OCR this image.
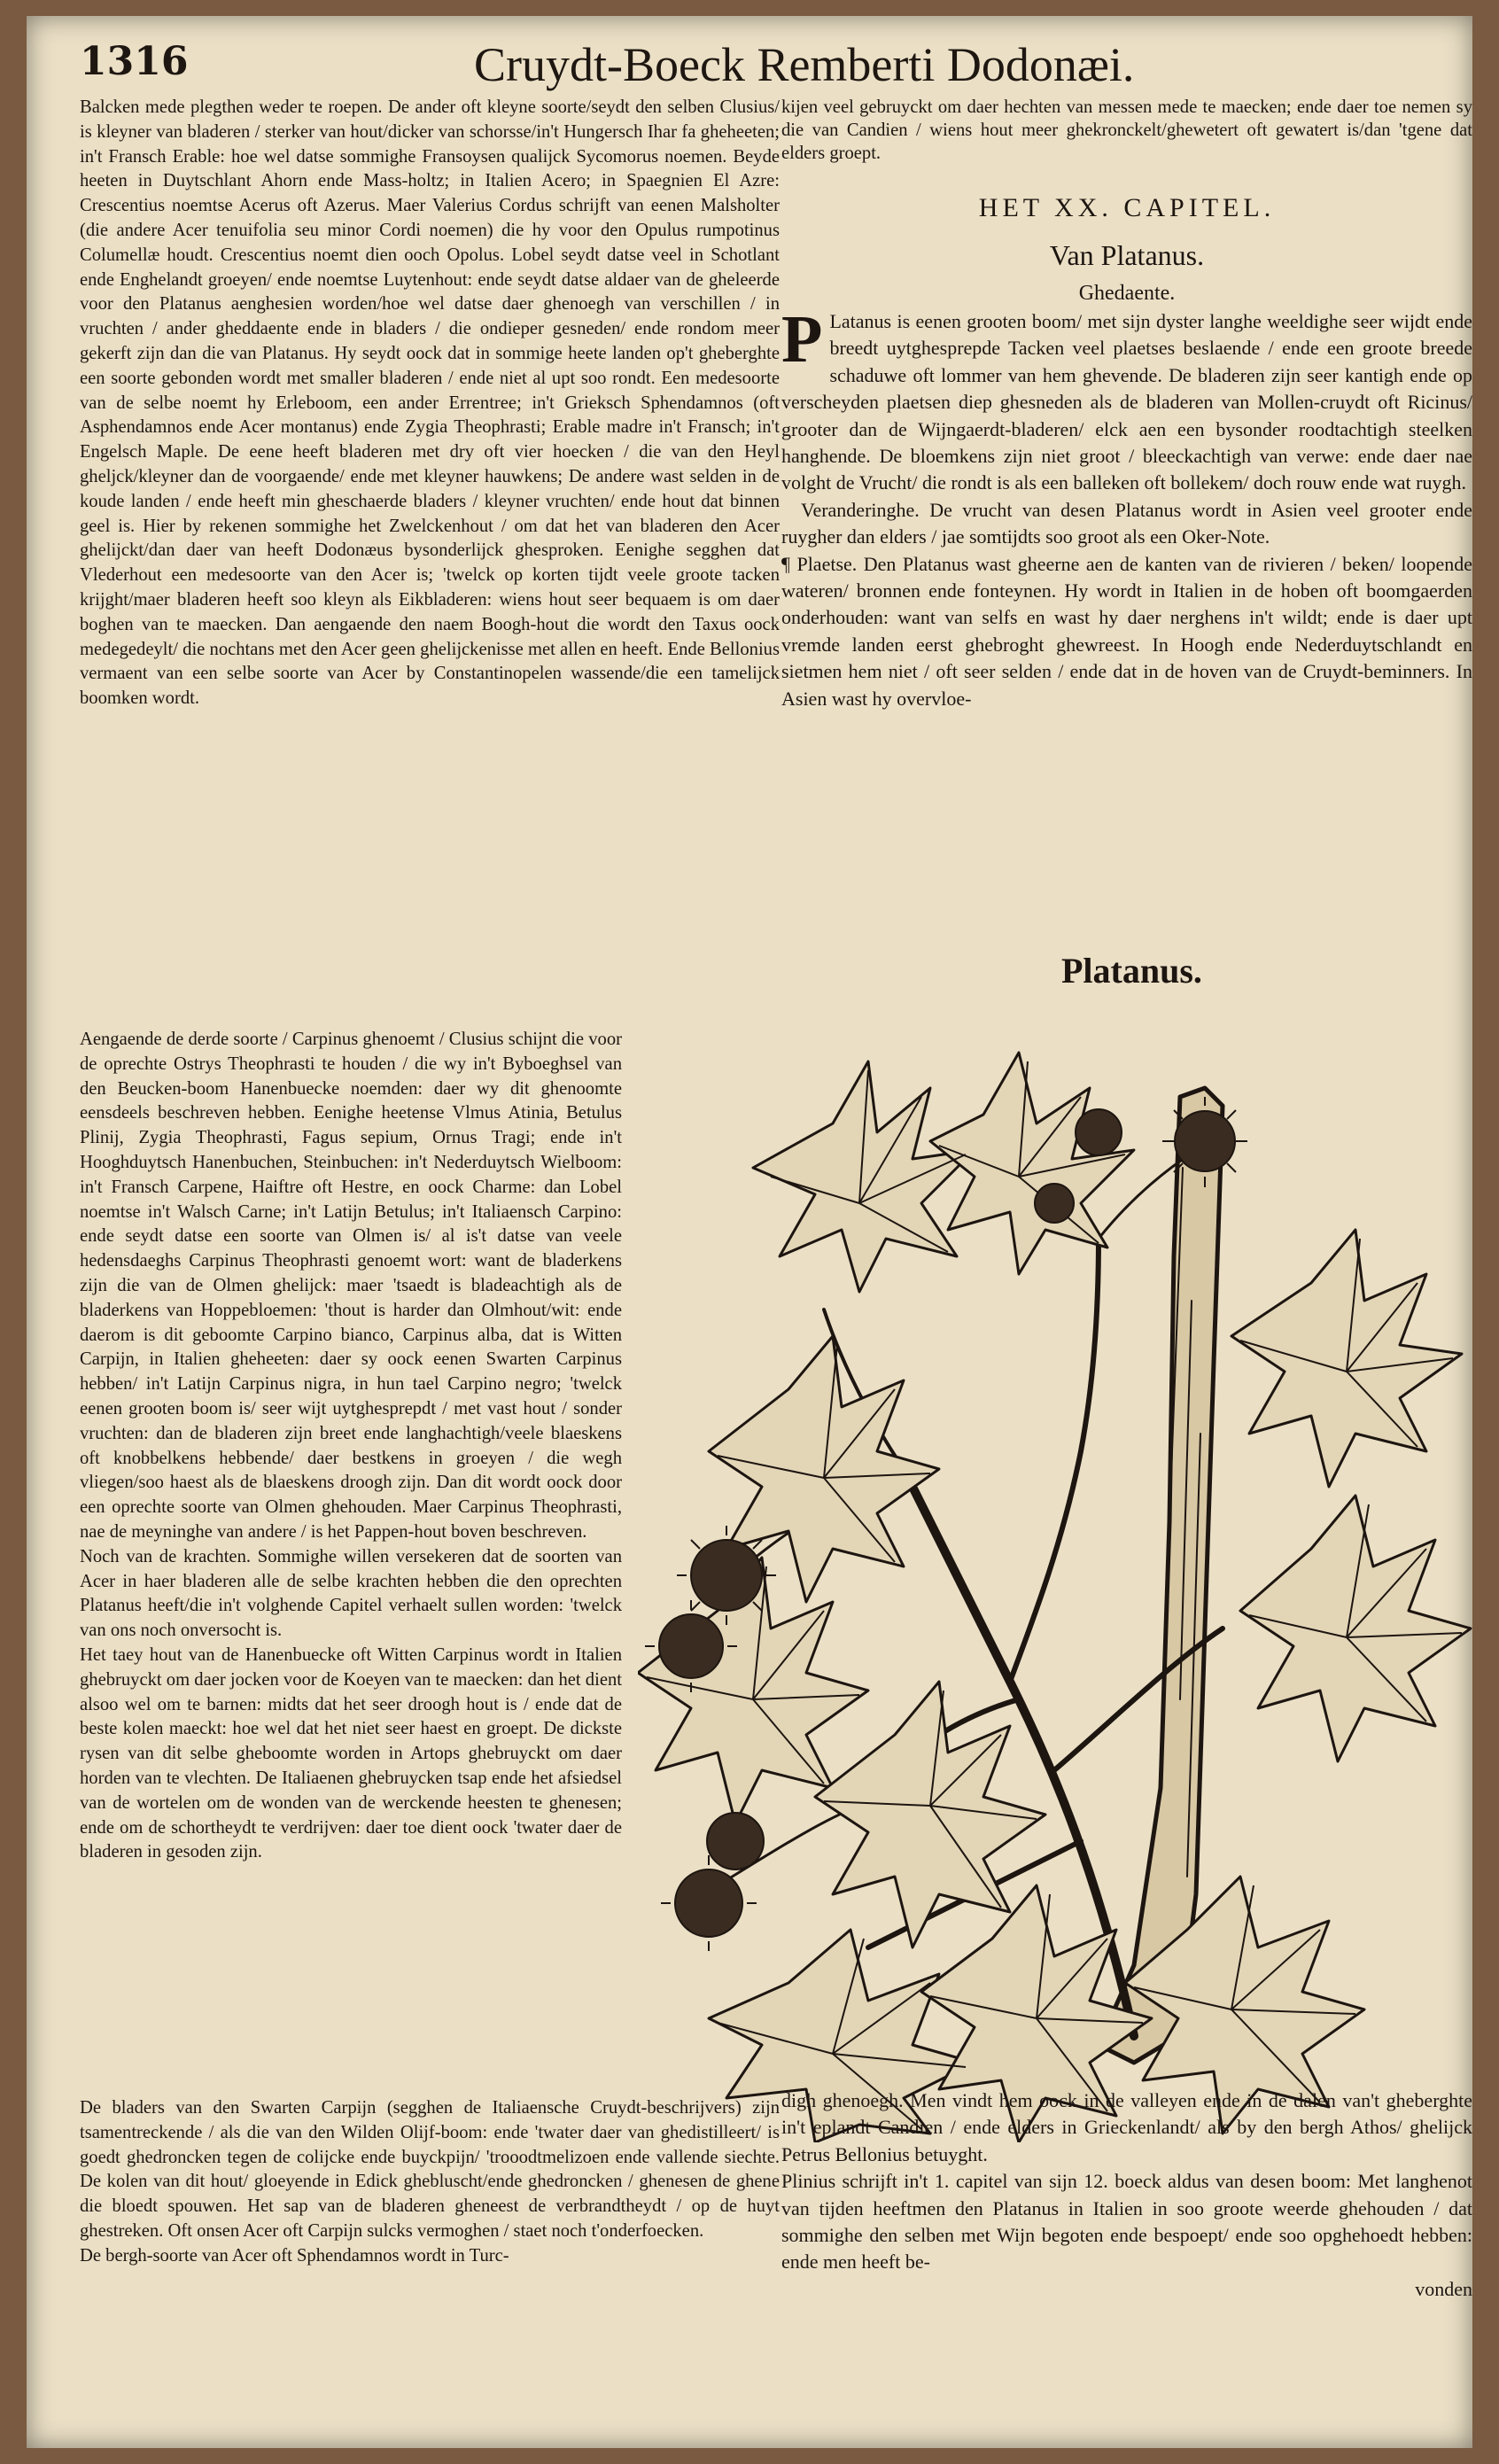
1316	Cruydt-Boeck Remberti Dodonæi.

Balcken mede plegthen weder te roepen. De ander oft kleyne soorte/seydt den selben Clusius/ is kleyner van bladeren / sterker van hout/dicker van schorsse/in't Hungersch Ihar fa gheheeten; in't Fransch Erable: hoe wel datse sommighe Fransoysen qualijck Sycomorus noemen. Beyde heeten in Duytschlant Ahorn ende Mass-holtz; in Italien Acero; in Spaegnien El Azre: Crescentius noemtse Acerus oft Azerus. Maer Valerius Cordus schrijft van eenen Malsholter (die andere Acer tenuifolia seu minor Cordi noemen) die hy voor den Opulus rumpotinus Columellæ houdt. Crescentius noemt dien ooch Opolus. Lobel seydt datse veel in Schotlant ende Enghelandt groeyen/ ende noemtse Luytenhout: ende seydt datse aldaer van de gheleerde voor den Platanus aenghesien worden/hoe wel datse daer ghenoegh van verschillen / in vruchten / ander gheddaente ende in bladers / die ondieper gesneden/ ende rondom meer gekerft zijn dan die van Platanus. Hy seydt oock dat in sommige heete landen op't gheberghte een soorte gebonden wordt met smaller bladeren / ende niet al upt soo rondt. Een medesoorte van de selbe noemt hy Erleboom, een ander Errentree; in't Grieksch Sphendamnos (oft Asphendamnos ende Acer montanus) ende Zygia Theophrasti; Erable madre in't Fransch; in't Engelsch Maple. De eene heeft bladeren met dry oft vier hoecken / die van den Heyl gheljck/kleyner dan de voorgaende/ ende met kleyner hauwkens; De andere wast selden in de koude landen / ende heeft min gheschaerde bladers / kleyner vruchten/ ende hout dat binnen geel is. Hier by rekenen sommighe het Zwelckenhout / om dat het van bladeren den Acer ghelijckt/dan daer van heeft Dodonæus bysonderlijck ghesproken. Eenighe segghen dat Vlederhout een medesoorte van den Acer is; 'twelck op korten tijdt veele groote tacken krijght/maer bladeren heeft soo kleyn als Eikbladeren: wiens hout seer bequaem is om daer boghen van te maecken. Dan aengaende den naem Boogh-hout die wordt den Taxus oock medegedeylt/ die nochtans met den Acer geen ghelijckenisse met allen en heeft. Ende Bellonius vermaent van een selbe soorte van Acer by Constantinopelen wassende/die een tamelijck boomken wordt.

Aengaende de derde soorte / Carpinus ghenoemt / Clusius schijnt die voor de oprechte Ostrys Theophrasti te houden / die wy in't Byboeghsel van den Beucken-boom Hanenbuecke noemden: daer wy dit ghenoomte eensdeels beschreven hebben. Eenighe heetense Vlmus Atinia, Betulus Plinij, Zygia Theophrasti, Fagus sepium, Ornus Tragi; ende in't Hooghduytsch Hanenbuchen, Steinbuchen: in't Nederduytsch Wielboom: in't Fransch Carpene, Haiftre oft Hestre, en oock Charme: dan Lobel noemtse in't Walsch Carne; in't Latijn Betulus; in't Italiaensch Carpino: ende seydt datse een soorte van Olmen is/ al is't datse van veele hedensdaeghs Carpinus Theophrasti genoemt wort: want de bladerkens zijn die van de Olmen ghelijck: maer 'tsaedt is bladeachtigh als de bladerkens van Hoppebloemen: 'thout is harder dan Olmhout/wit: ende daerom is dit geboomte Carpino bianco, Carpinus alba, dat is Witten Carpijn, in Italien gheheeten: daer sy oock eenen Swarten Carpinus hebben/ in't Latijn Carpinus nigra, in hun tael Carpino negro; 'twelck eenen grooten boom is/ seer wijt uytghesprepdt / met vast hout / sonder vruchten: dan de bladeren zijn breet ende langhachtigh/veele blaeskens oft knobbelkens hebbende/ daer bestkens in groeyen / die wegh vliegen/soo haest als de blaeskens droogh zijn. Dan dit wordt oock door een oprechte soorte van Olmen ghehouden. Maer Carpinus Theophrasti, nae de meyninghe van andere / is het Pappen-hout boven beschreven.

Noch van de krachten. Sommighe willen versekeren dat de soorten van Acer in haer bladeren alle de selbe krachten hebben die den oprechten Platanus heeft/die in't volghende Capitel verhaelt sullen worden: 'twelck van ons noch onversocht is.

Het taey hout van de Hanenbuecke oft Witten Carpinus wordt in Italien ghebruyckt om daer jocken voor de Koeyen van te maecken: dan het dient alsoo wel om te barnen: midts dat het seer droogh hout is / ende dat de beste kolen maeckt: hoe wel dat het niet seer haest en groept. De dickste rysen van dit selbe gheboomte worden in Artops ghebruyckt om daer horden van te vlechten. De Italiaenen ghebruycken tsap ende het afsiedsel van de wortelen om de wonden van de werckende heesten te ghenesen; ende om de schortheydt te verdrijven: daer toe dient oock 'twater daer de bladeren in gesoden zijn.

De bladers van den Swarten Carpijn (segghen de Italiaensche Cruydt-beschrijvers) zijn tsamentreckende / als die van den Wilden Olijf-boom: ende 'twater daer van ghedistilleert/ is goedt ghedroncken tegen de colijcke ende buyckpijn/ 'trooodtmelizoen ende vallende siechte. De kolen van dit hout/ gloeyende in Edick ghebluscht/ende ghedroncken / ghenesen de ghene die bloedt spouwen. Het sap van de bladeren gheneest de verbrandtheydt / op de huyt ghestreken. Oft onsen Acer oft Carpijn sulcks vermoghen / staet noch t'onderfoecken.

De bergh-soorte van Acer oft Sphendamnos wordt in Turc-

kijen veel gebruyckt om daer hechten van messen mede te maecken; ende daer toe nemen sy die van Candien / wiens hout meer ghekronckelt/ghewetert oft gewatert is/dan 'tgene dat elders groept.

HET XX. CAPITEL.
Van Platanus.
Ghedaente.

P Latanus is eenen grooten boom/ met sijn dyster langhe weeldighe seer wijdt ende breedt uytghesprepde Tacken veel plaetses beslaende / ende een groote breede schaduwe oft lommer van hem ghevende. De bladeren zijn seer kantigh ende op verscheyden plaetsen diep ghesneden als de bladeren van Mollen-cruydt oft Ricinus/ grooter dan de Wijngaerdt-bladeren/ elck aen een bysonder roodtachtigh steelken hanghende. De bloemkens zijn niet groot / bleeckachtigh van verwe: ende daer nae volght de Vrucht/ die rondt is als een balleken oft bollekem/ doch rouw ende wat ruygh.

 Veranderinghe. De vrucht van desen Platanus wordt in Asien veel grooter ende ruygher dan elders / jae somtijdts soo groot als een Oker-Note.

¶ Plaetse. Den Platanus wast gheerne aen de kanten van de rivieren / beken/ loopende wateren/ bronnen ende fonteynen. Hy wordt in Italien in de hoben oft boomgaerden onderhouden: want van selfs en wast hy daer nerghens in't wildt; ende is daer upt vremde landen eerst ghebroght ghewreest. In Hoogh ende Nederduytschlandt en sietmen hem niet / oft seer selden / ende dat in de hoven van de Cruydt-beminners. In Asien wast hy overvloe-

Platanus.

digh ghenoegh. Men vindt hem oock in de valleyen ende in de dalen van't gheberghte in't eplandt Candien / ende elders in Grieckenlandt/ als by den bergh Athos/ ghelijck Petrus Bellonius betuyght.

Plinius schrijft in't 1. capitel van sijn 12. boeck aldus van desen boom: Met langhenot van tijden heeftmen den Platanus in Italien in soo groote weerde ghehouden / dat sommighe den selben met Wijn begoten ende bespoept/ ende soo opghehoedt hebben: ende men heeft be-

vonden
